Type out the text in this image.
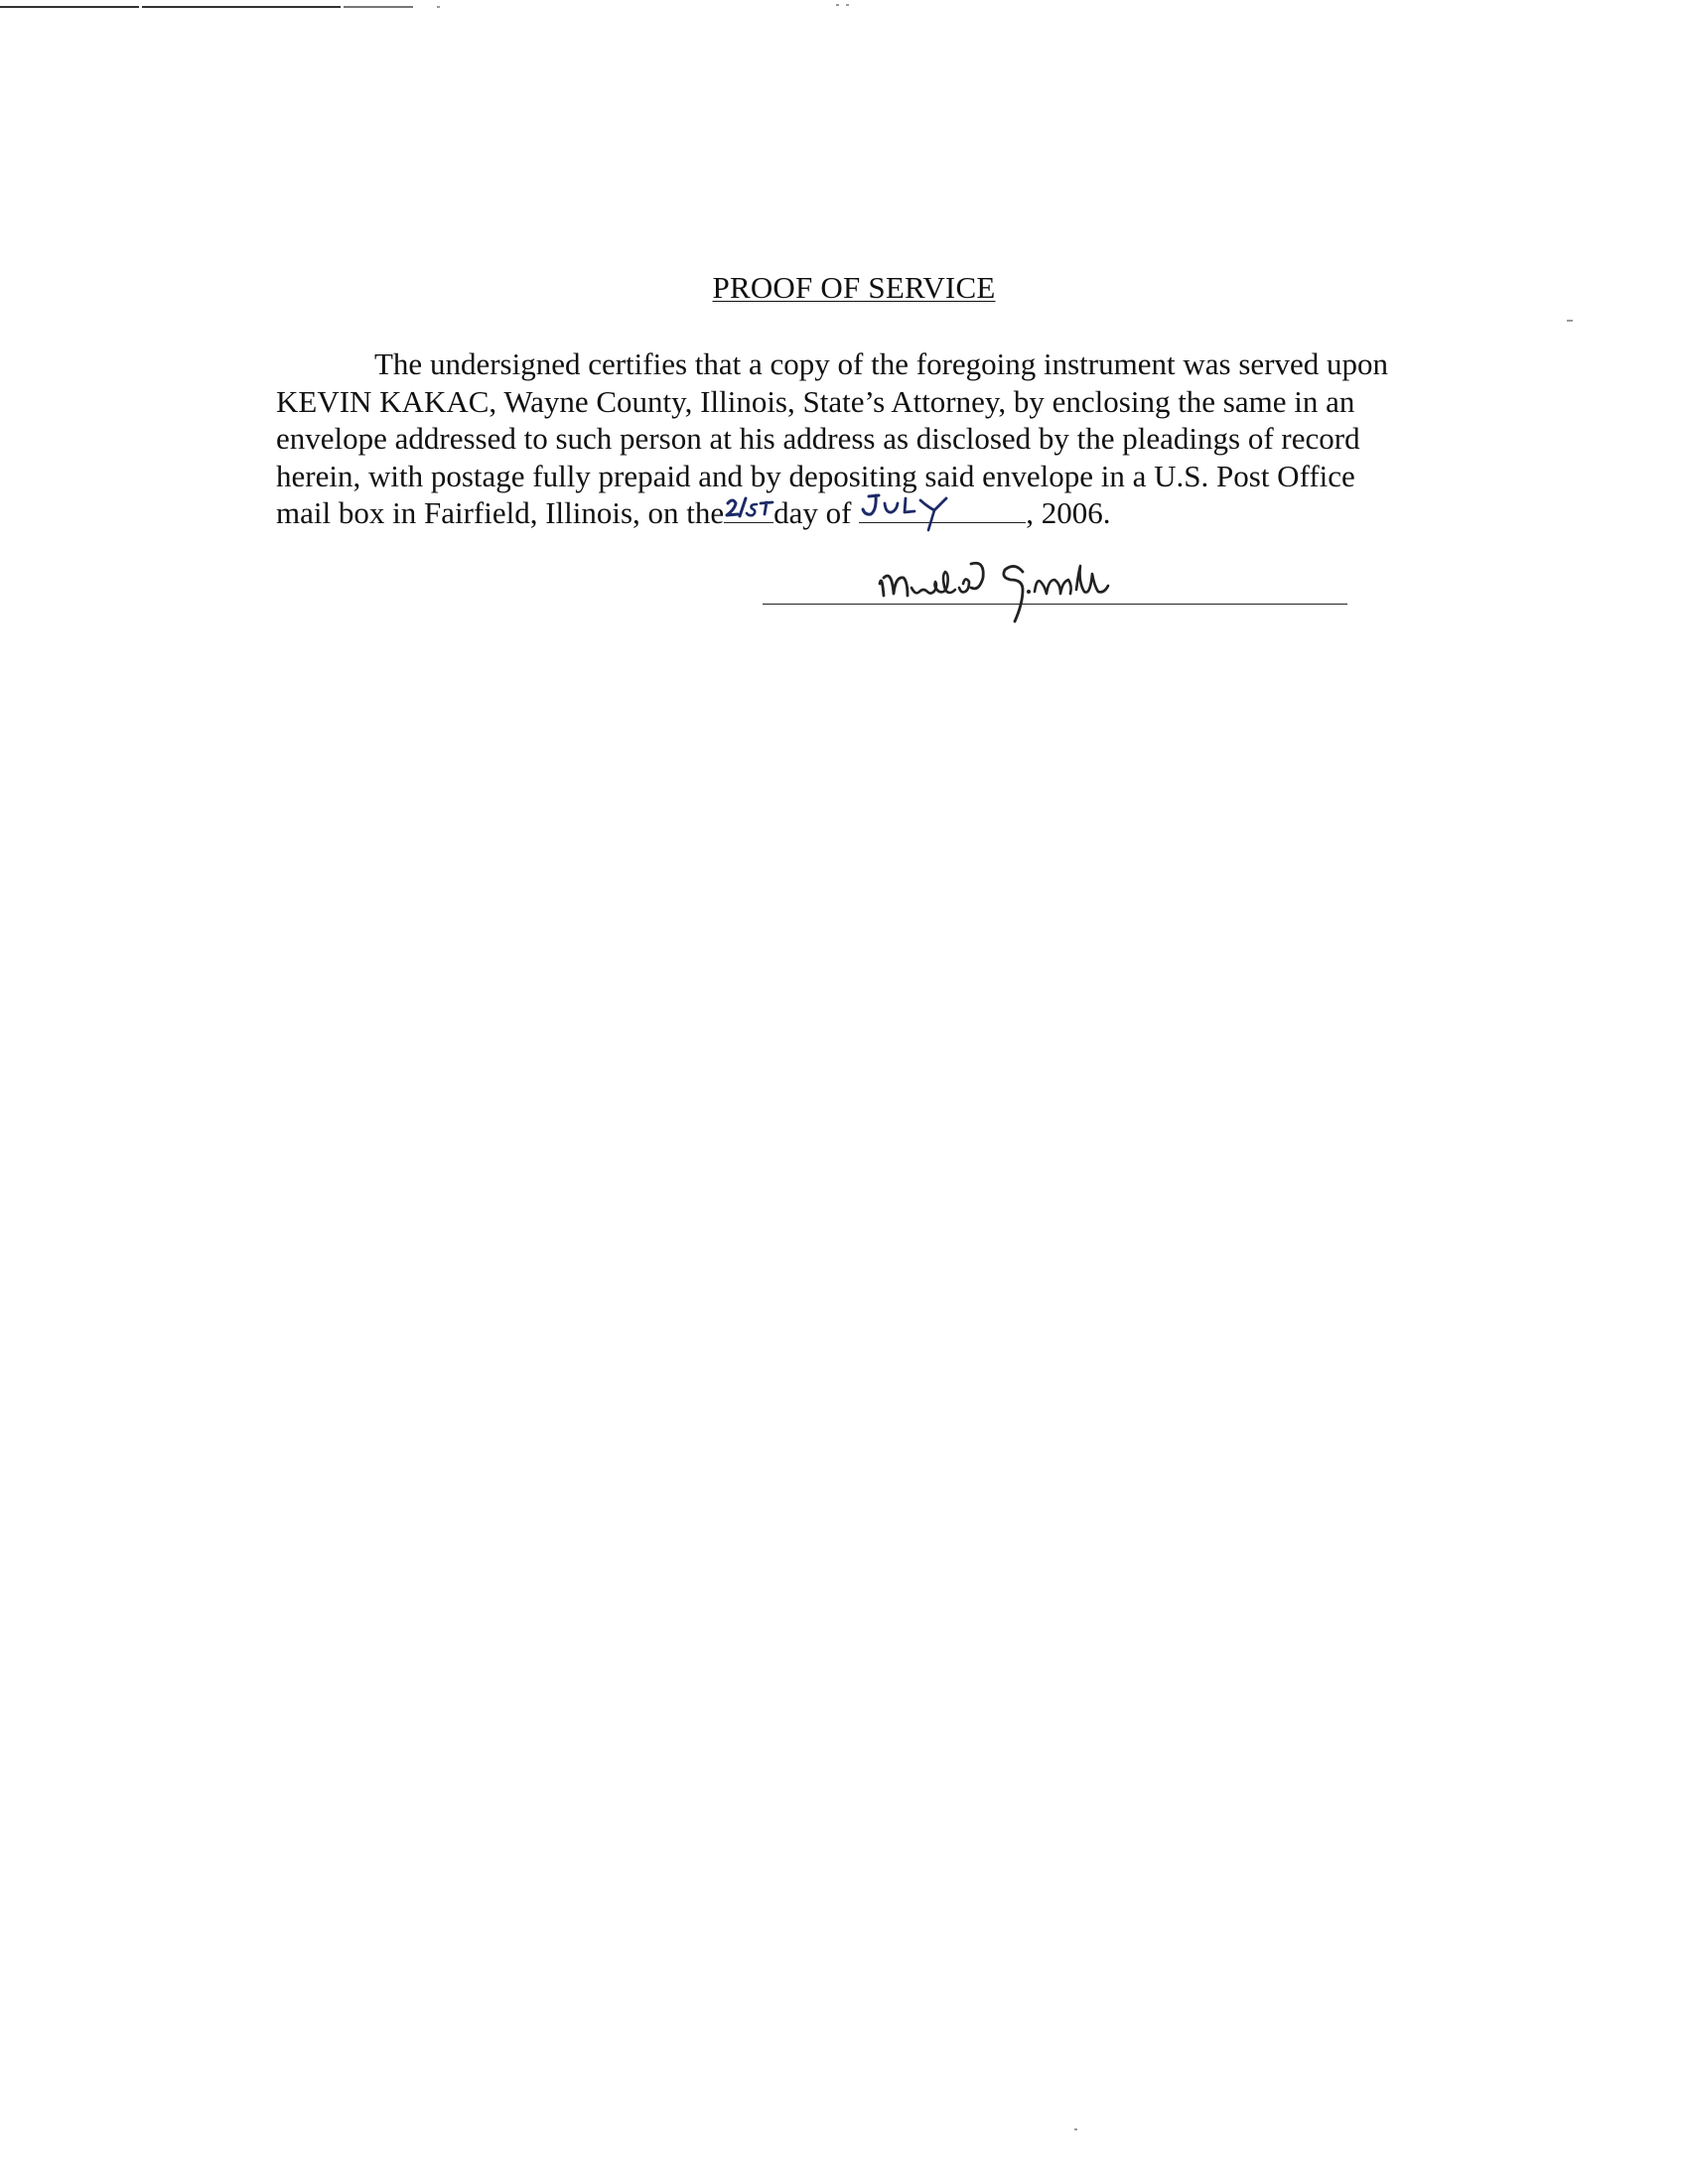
PROOF OF SERVICE
The undersigned certifies that a copy of the foregoing instrument was served upon
KEVIN KAKAC, Wayne County, Illinois, State’s Attorney, by enclosing the same in an
envelope addressed to such person at his address as disclosed by the pleadings of record
herein, with postage fully prepaid and by depositing said envelope in a U.S. Post Office
mail box in Fairfield, Illinois, on the day of	, 2006.
